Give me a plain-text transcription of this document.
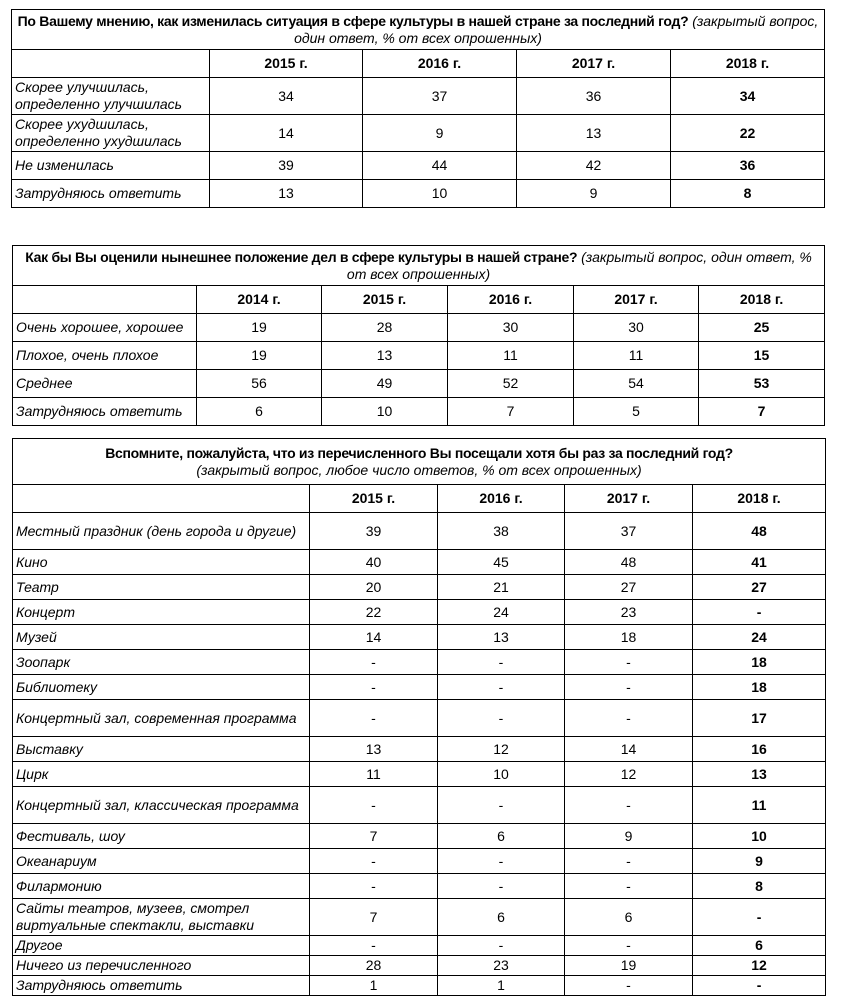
По Вашему мнению, как изменилась ситуация в сфере культуры в нашей стране за последний год? (закрытый вопрос, один ответ, % от всех опрошенных)				
	2015 г.	2016 г.	2017 г.	2018 г.
Скорее улучшилась, определенно улучшилась	34	37	36	34
Скорее ухудшилась, определенно ухудшилась	14	9	13	22
Не изменилась	39	44	42	36
Затрудняюсь ответить	13	10	9	8
Как бы Вы оценили нынешнее положение дел в сфере культуры в нашей стране? (закрытый вопрос, один ответ, % от всех опрошенных)					
	2014 г.	2015 г.	2016 г.	2017 г.	2018 г.
Очень хорошее, хорошее	19	28	30	30	25
Плохое, очень плохое	19	13	11	11	15
Среднее	56	49	52	54	53
Затрудняюсь ответить	6	10	7	5	7
Вспомните, пожалуйста, что из перечисленного Вы посещали хотя бы раз за последний год?
(закрытый вопрос, любое число ответов, % от всех опрошенных)				

	2015 г.	2016 г.	2017 г.	2018 г.
Местный праздник (день города и другие)	39	38	37	48
Кино	40	45	48	41
Театр	20	21	27	27
Концерт	22	24	23	-
Музей	14	13	18	24
Зоопарк	-	-	-	18
Библиотеку	-	-	-	18
Концертный зал, современная программа	-	-	-	17
Выставку	13	12	14	16
Цирк	11	10	12	13
Концертный зал, классическая программа	-	-	-	11
Фестиваль, шоу	7	6	9	10
Океанариум	-	-	-	9
Филармонию	-	-	-	8
Сайты театров, музеев, смотрел виртуальные спектакли, выставки	7	6	6	-
Другое	-	-	-	6
Ничего из перечисленного	28	23	19	12
Затрудняюсь ответить	1	1	-	-
